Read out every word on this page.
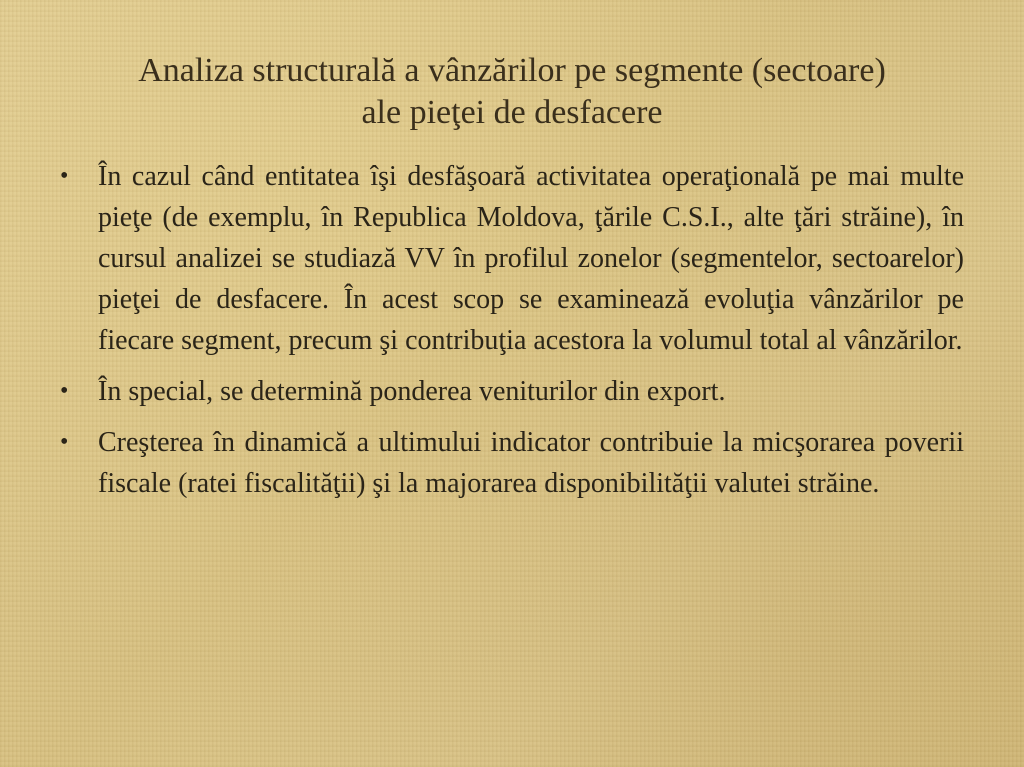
Analiza structurală a vânzărilor pe segmente (sectoare)
ale pieţei de desfacere
• În cazul când entitatea îşi desfăşoară activitatea operaţională pe mai multe pieţe (de exemplu, în Republica Moldova, ţările C.S.I., alte ţări străine), în cursul analizei se studiază VV în profilul zonelor (segmentelor, sectoarelor) pieţei de desfacere. În acest scop se examinează evoluţia vânzărilor pe fiecare segment, precum şi contribuţia acestora la volumul total al vânzărilor.
• În special, se determină ponderea veniturilor din export.
• Creşterea în dinamică a ultimului indicator contribuie la micşorarea poverii fiscale (ratei fiscalităţii) şi la majorarea disponibilităţii valutei străine.
